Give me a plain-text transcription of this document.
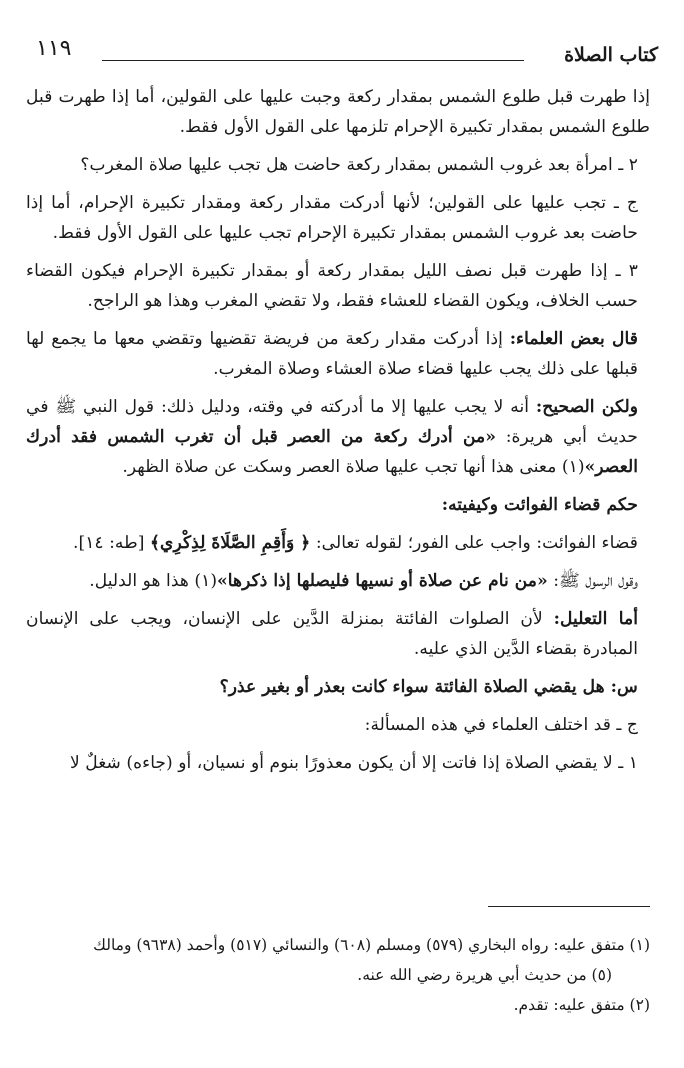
كتاب الصلاة
١١٩

إذا طهرت قبل طلوع الشمس بمقدار ركعة وجبت عليها على القولين، أما إذا طهرت قبل طلوع الشمس بمقدار تكبيرة الإحرام تلزمها على القول الأول فقط.

٢ ـ امرأة بعد غروب الشمس بمقدار ركعة حاضت هل تجب عليها صلاة المغرب؟

ج ـ تجب عليها على القولين؛ لأنها أدركت مقدار ركعة ومقدار تكبيرة الإحرام، أما إذا حاضت بعد غروب الشمس بمقدار تكبيرة الإحرام تجب عليها على القول الأول فقط.

٣ ـ إذا طهرت قبل نصف الليل بمقدار ركعة أو بمقدار تكبيرة الإحرام فيكون القضاء حسب الخلاف، ويكون القضاء للعشاء فقط، ولا تقضي المغرب وهذا هو الراجح.

قال بعض العلماء: إذا أدركت مقدار ركعة من فريضة تقضيها وتقضي معها ما يجمع لها قبلها على ذلك يجب عليها قضاء صلاة العشاء وصلاة المغرب.

ولكن الصحيح: أنه لا يجب عليها إلا ما أدركته في وقته، ودليل ذلك: قول النبي ﷺ في حديث أبي هريرة: «من أدرك ركعة من العصر قبل أن تغرب الشمس فقد أدرك العصر»(١) معنى هذا أنها تجب عليها صلاة العصر وسكت عن صلاة الظهر.

حكم قضاء الفوائت وكيفيته:

قضاء الفوائت: واجب على الفور؛ لقوله تعالى: ﴿ وَأَقِمِ الصَّلَاةَ لِذِكْرِي﴾ [طه: ١٤].

وقول الرسول ﷺ: «من نام عن صلاة أو نسيها فليصلها إذا ذكرها»(١) هذا هو الدليل.

أما التعليل: لأن الصلوات الفائتة بمنزلة الدَّين على الإنسان، ويجب على الإنسان المبادرة بقضاء الدَّين الذي عليه.

س: هل يقضي الصلاة الفائتة سواء كانت بعذر أو بغير عذر؟

ج ـ قد اختلف العلماء في هذه المسألة:

١ ـ لا يقضي الصلاة إذا فاتت إلا أن يكون معذورًا بنوم أو نسيان، أو (جاءه) شغلٌ لا

(١) متفق عليه: رواه البخاري (٥٧٩) ومسلم (٦٠٨) والنسائي (٥١٧) وأحمد (٩٦٣٨) ومالك
(٥) من حديث أبي هريرة رضي الله عنه.
(٢) متفق عليه: تقدم.
